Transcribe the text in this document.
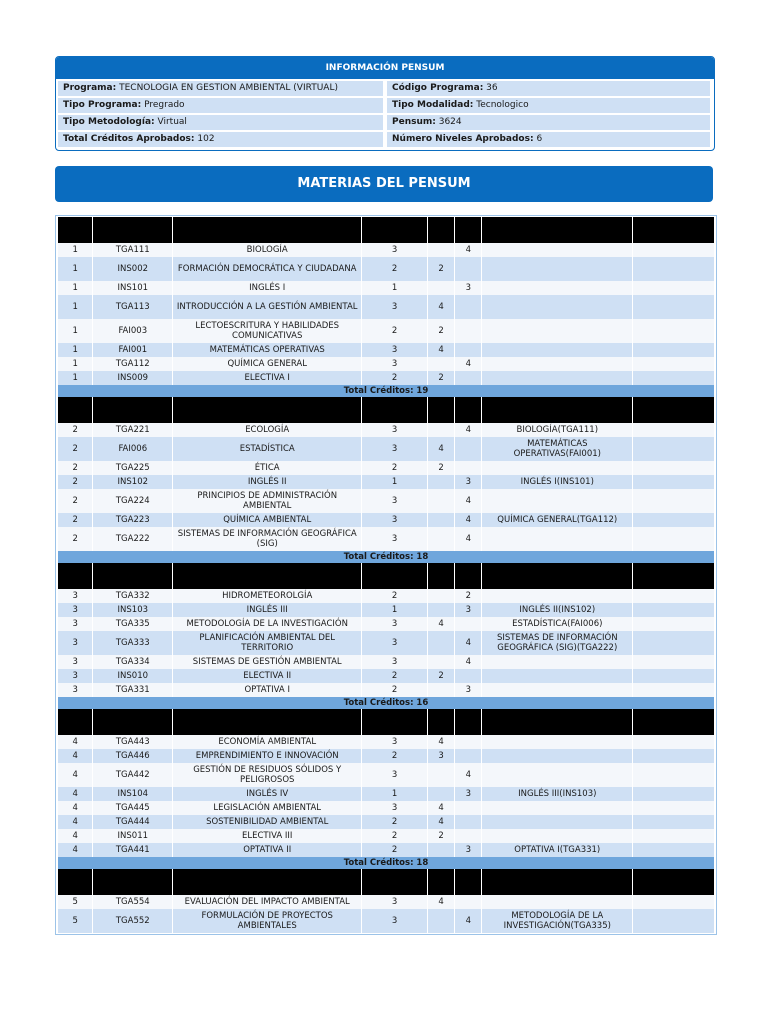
INFORMACIÓN PENSUM
Programa: TECNOLOGIA EN GESTION AMBIENTAL (VIRTUAL)	Código Programa: 36
Tipo Programa: Pregrado	Tipo Modalidad: Tecnologico
Tipo Metodología: Virtual	Pensum: 3624
Total Créditos Aprobados: 102	Número Niveles Aprobados: 6
MATERIAS DEL PENSUM

1	TGA111	BIOLOGÍA	3		4		
1	INS002	FORMACIÓN DEMOCRÁTICA Y CIUDADANA	2	2			
1	INS101	INGLÉS I	1		3		
1	TGA113	INTRODUCCIÓN A LA GESTIÓN AMBIENTAL	3	4			
1	FAI003	LECTOESCRITURA Y HABILIDADES COMUNICATIVAS	2	2			
1	FAI001	MATEMÁTICAS OPERATIVAS	3	4			
1	TGA112	QUÍMICA GENERAL	3		4		
1	INS009	ELECTIVA I	2	2			
Total Créditos: 19							

2	TGA221	ECOLOGÍA	3		4	BIOLOGÍA(TGA111)	
2	FAI006	ESTADÍSTICA	3	4		MATEMÁTICAS OPERATIVAS(FAI001)	
2	TGA225	ÉTICA	2	2			
2	INS102	INGLÉS II	1		3	INGLÉS I(INS101)	
2	TGA224	PRINCIPIOS DE ADMINISTRACIÓN AMBIENTAL	3		4		
2	TGA223	QUÍMICA AMBIENTAL	3		4	QUÍMICA GENERAL(TGA112)	
2	TGA222	SISTEMAS DE INFORMACIÓN GEOGRÁFICA (SIG)	3		4		
Total Créditos: 18							

3	TGA332	HIDROMETEOROLGÍA	2		2		
3	INS103	INGLÉS III	1		3	INGLÉS II(INS102)	
3	TGA335	METODOLOGÍA DE LA INVESTIGACIÓN	3	4		ESTADÍSTICA(FAI006)	
3	TGA333	PLANIFICACIÓN AMBIENTAL DEL TERRITORIO	3		4	SISTEMAS DE INFORMACIÓN GEOGRÁFICA (SIG)(TGA222)	
3	TGA334	SISTEMAS DE GESTIÓN AMBIENTAL	3		4		
3	INS010	ELECTIVA II	2	2			
3	TGA331	OPTATIVA I	2		3		
Total Créditos: 16							

4	TGA443	ECONOMÍA AMBIENTAL	3	4			
4	TGA446	EMPRENDIMIENTO E INNOVACIÓN	2	3			
4	TGA442	GESTIÓN DE RESIDUOS SÓLIDOS Y PELIGROSOS	3		4		
4	INS104	INGLÉS IV	1		3	INGLÉS III(INS103)	
4	TGA445	LEGISLACIÓN AMBIENTAL	3	4			
4	TGA444	SOSTENIBILIDAD AMBIENTAL	2	4			
4	INS011	ELECTIVA III	2	2			
4	TGA441	OPTATIVA II	2		3	OPTATIVA I(TGA331)	
Total Créditos: 18							

5	TGA554	EVALUACIÓN DEL IMPACTO AMBIENTAL	3	4			
5	TGA552	FORMULACIÓN DE PROYECTOS AMBIENTALES	3		4	METODOLOGÍA DE LA INVESTIGACIÓN(TGA335)	
